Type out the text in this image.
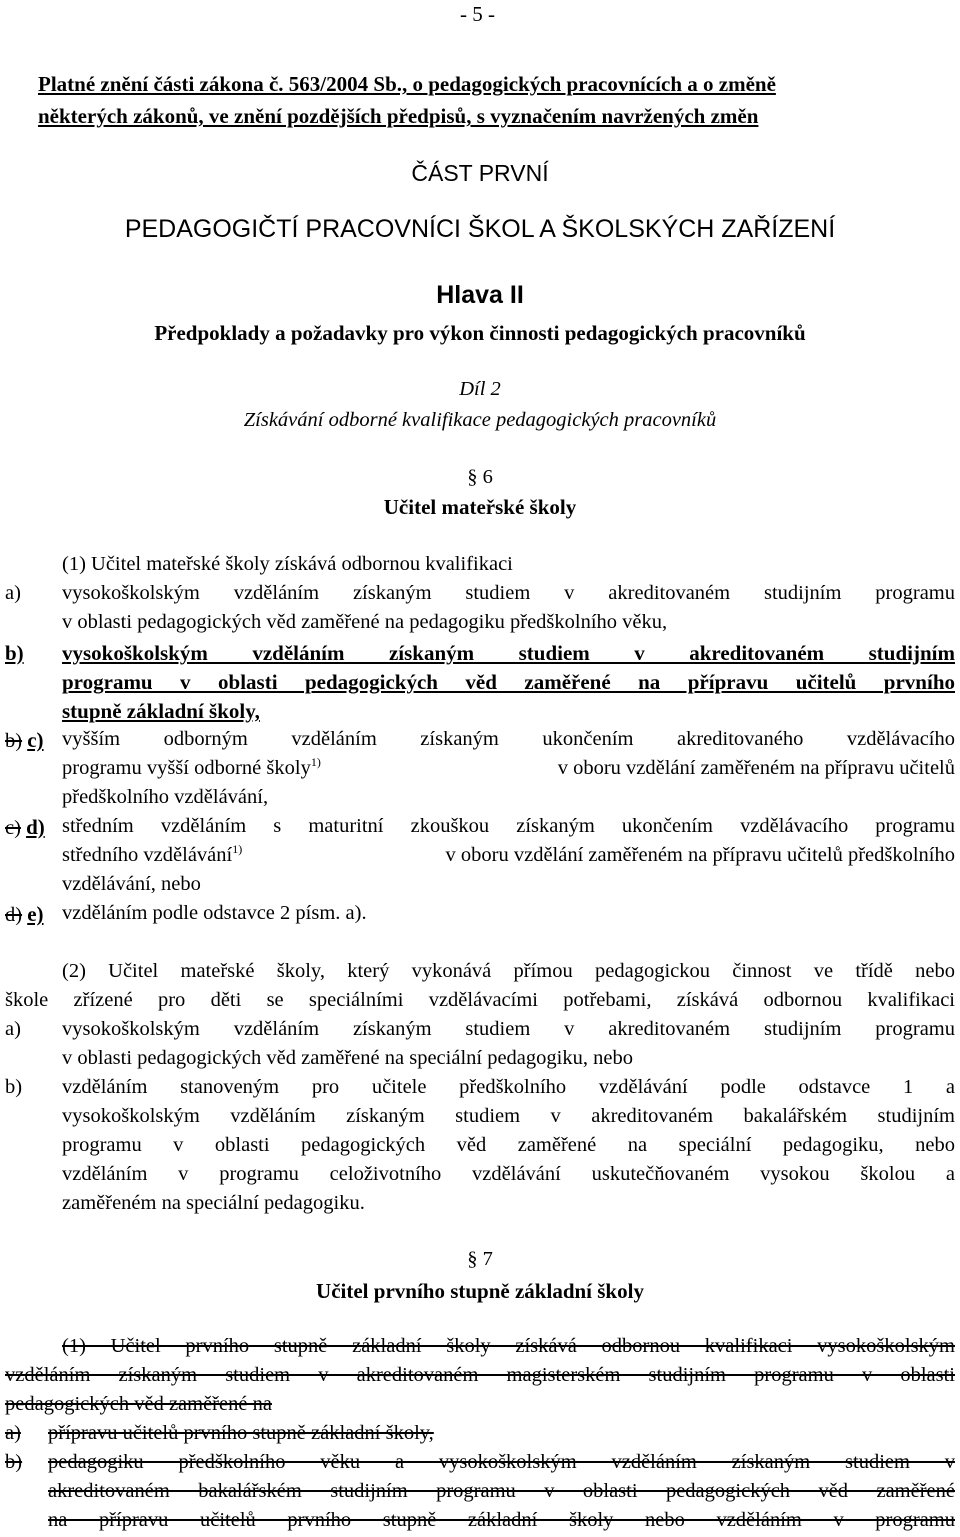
- 5 -
Platné znění části zákona č. 563/2004 Sb., o pedagogických pracovnících a o změně
některých zákonů, ve znění pozdějších předpisů, s vyznačením navržených změn
ČÁST PRVNÍ
PEDAGOGIČTÍ PRACOVNÍCI ŠKOL A ŠKOLSKÝCH ZAŘÍZENÍ
Hlava II
Předpoklady a požadavky pro výkon činnosti pedagogických pracovníků
Díl 2
Získávání odborné kvalifikace pedagogických pracovníků
§ 6
Učitel mateřské školy
(1) Učitel mateřské školy získává odbornou kvalifikaci
a) vysokoškolským vzděláním získaným studiem v akreditovaném studijním programu
v oblasti pedagogických věd zaměřené na pedagogiku předškolního věku,
b) vysokoškolským vzděláním získaným studiem v akreditovaném studijním
programu v oblasti pedagogických věd zaměřené na přípravu učitelů prvního
stupně základní školy,
b) c) vyšším odborným vzděláním získaným ukončením akreditovaného vzdělávacího
programu vyšší odborné školy$^{1)}$	v oboru vzdělání zaměřeném na přípravu učitelů
předškolního vzdělávání,
c) d) středním vzděláním s maturitní zkouškou získaným ukončením vzdělávacího programu
středního vzdělávání$^{1)}$	v oboru vzdělání zaměřeném na přípravu učitelů předškolního
vzdělávání, nebo
d) e) vzděláním podle odstavce 2 písm. a).
(2) Učitel mateřské školy, který vykonává přímou pedagogickou činnost ve třídě nebo
škole zřízené pro děti se speciálními vzdělávacími potřebami, získává odbornou kvalifikaci
a) vysokoškolským vzděláním získaným studiem v akreditovaném studijním programu
v oblasti pedagogických věd zaměřené na speciální pedagogiku, nebo
b) vzděláním stanoveným pro učitele předškolního vzdělávání podle odstavce 1 a
vysokoškolským vzděláním získaným studiem v akreditovaném bakalářském studijním
programu v oblasti pedagogických věd zaměřené na speciální pedagogiku, nebo
vzděláním v programu celoživotního vzdělávání uskutečňovaném vysokou školou a
zaměřeném na speciální pedagogiku.
§ 7
Učitel prvního stupně základní školy
(1) Učitel prvního stupně základní školy získává odbornou kvalifikaci vysokoškolským
vzděláním získaným studiem v akreditovaném magisterském studijním programu v oblasti
pedagogických věd zaměřené na
a) přípravu učitelů prvního stupně základní školy,
b) pedagogiku předškolního věku a vysokoškolským vzděláním získaným studiem v
akreditovaném bakalářském studijním programu v oblasti pedagogických věd zaměřené
na přípravu učitelů prvního stupně základní školy nebo vzděláním v programu
